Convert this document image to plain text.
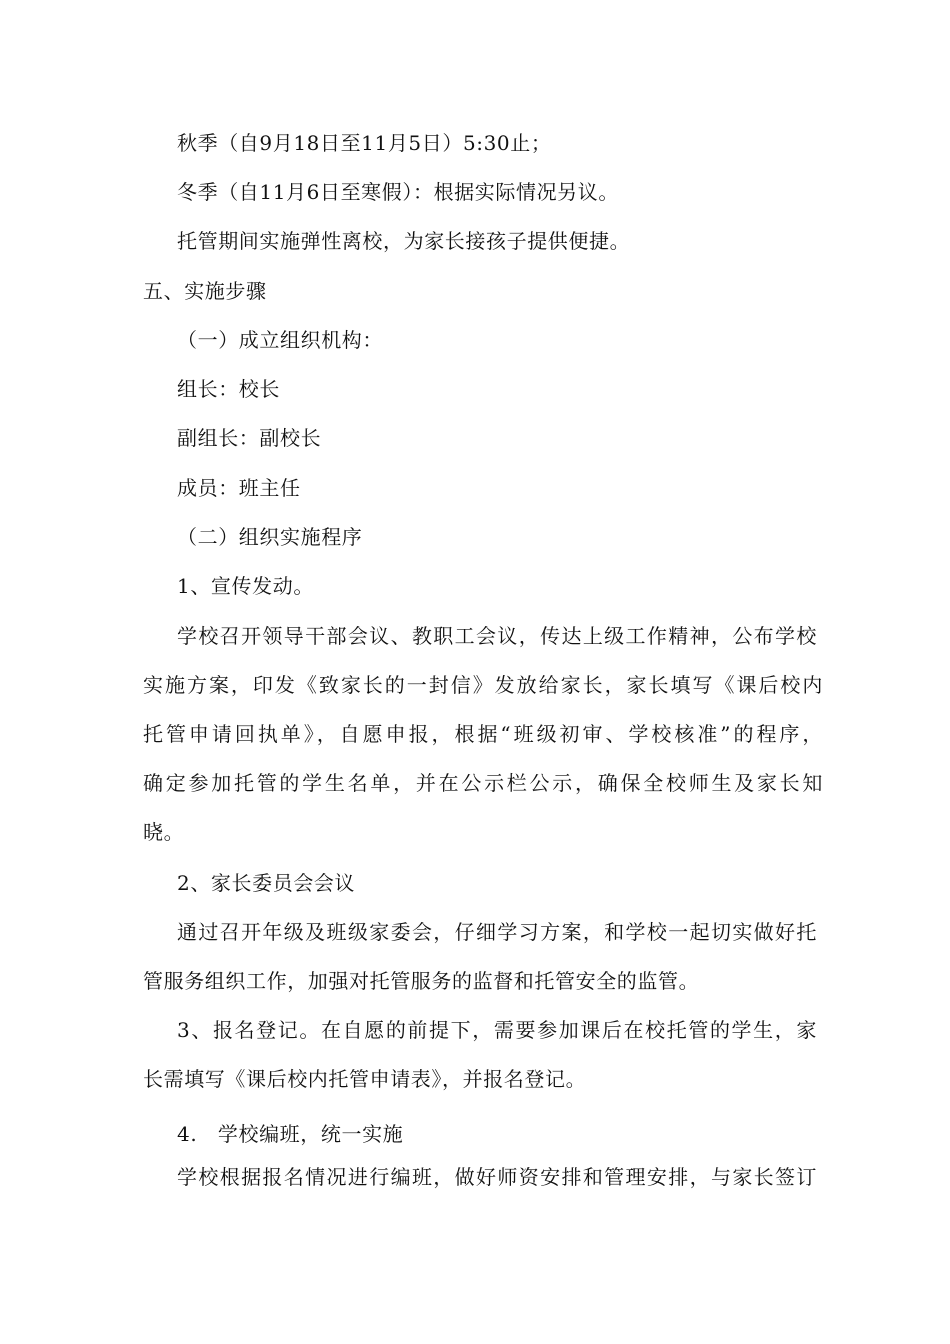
秋季（自9月18日至11月5日）5:30止；
冬季（自11月6日至寒假）：根据实际情况另议。
托管期间实施弹性离校，为家长接孩子提供便捷。
五、实施步骤
（一）成立组织机构：
组长：校长
副组长：副校长
成员：班主任
（二）组织实施程序
1、宣传发动。
学校召开领导干部会议、教职工会议，传达上级工作精神，公布学校
实施方案，印发《致家长的一封信》发放给家长，家长填写《课后校内
托管申请回执单》，自愿申报，根据“班级初审、学校核准”的程序，
确定参加托管的学生名单，并在公示栏公示，确保全校师生及家长知
晓。
2、家长委员会会议
通过召开年级及班级家委会，仔细学习方案，和学校一起切实做好托
管服务组织工作，加强对托管服务的监督和托管安全的监管。
3、报名登记。在自愿的前提下，需要参加课后在校托管的学生，家
长需填写《课后校内托管申请表》，并报名登记。
4.　学校编班，统一实施
学校根据报名情况进行编班，做好师资安排和管理安排，与家长签订
